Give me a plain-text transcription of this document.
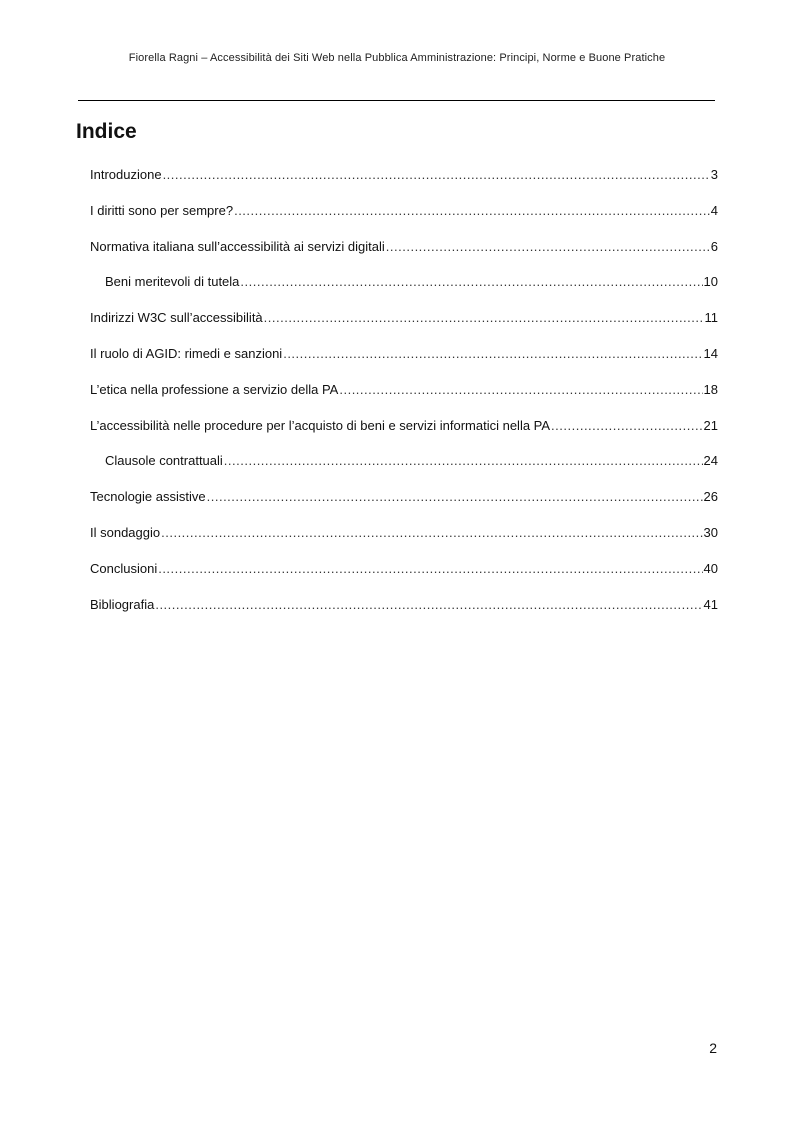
Fiorella Ragni – Accessibilità dei Siti Web nella Pubblica Amministrazione: Principi, Norme e Buone Pratiche
Indice
Introduzione .....	3
I diritti sono per sempre? .....	4
Normativa italiana sull’accessibilità ai servizi digitali .....	6
Beni meritevoli di tutela .....	10
Indirizzi W3C sull’accessibilità .....	11
Il ruolo di AGID: rimedi e sanzioni .....	14
L’etica nella professione a servizio della PA .....	18
L’accessibilità nelle procedure per l’acquisto di beni e servizi informatici nella PA .....	21
Clausole contrattuali .....	24
Tecnologie assistive .....	26
Il sondaggio .....	30
Conclusioni .....	40
Bibliografia .....	41
2
